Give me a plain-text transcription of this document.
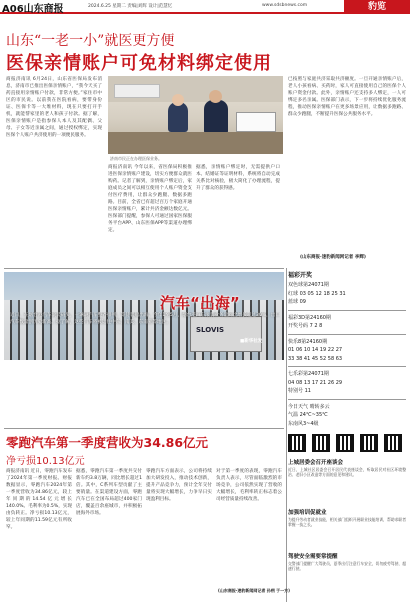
A06山东商报	2024.6.25 星期二 责编|刘辉 设计|范慧忆	www.sdsbnews.com	豹览
山东“一老一小”就医更方便
医保亲情账户可免材料绑定使用
商报济南讯 6月24日，山东省医保局发布消息，济南市已推出医保亲情账户，“我今天买了药直接用亲情账户付款，非常方便。”家住市中区的市民说。以前我在医院看病，要带身份证、医保卡等一大堆材料，现在只要打开手机，就能帮家里的老人和孩子付款。据了解，医保亲情账户是指参保人本人及其配偶、父母、子女等近亲属之间，通过授权绑定，实现医保个人账户共济使用的一项便民服务。
济南市民正在办理医保业务。
商报济南讯 今年以来，省医保局积极推进医保亲情账户建设，切实方便群众就医购药。记者了解到，亲情账户绑定后，家庭成员之间可以相互使用个人账户资金支付医疗费用，让群众少跑腿、数据多跑路。目前，全省已有超过百万个家庭开通医保亲情账户，累计共济金额达数亿元。医保部门提醒，参保人可通过国家医保服务平台APP、山东医保APP等渠道办理绑定。
据悉，亲情账户绑定时，无需提供户口本、结婚证等证明材料，系统将自动完成关系比对核验，极大简化了办理流程，提升了群众的获得感。
已按照与家庭共济采取共济额度。一旦开通亲情账户后，老人小孩看病、买药时，家人可直接使用自己的医保个人账户资金付款。此外，亲情账户还支持多人绑定，一人可绑定多名亲属。医保部门表示，下一步将持续优化服务流程，推动医保亲情账户在更多场景应用，让数据多跑路、群众少跑腿，不断提升医保公共服务水平。
(山东商报·速豹新闻网记者 李辉)
SLOVIS
汽车“出海”
近日，在烟台港汽车滚装码头，一辆辆汽车整齐排列，等待装船出海。今年1至5月，烟台港汽车滚装业务量同比增长超过30%，出口汽车数量创历史新高。据了解，这些汽车将被运往中东、南美、东南亚等地区。
■新华社发
福彩开奖
双色球第24071期
红球 03 05 12 18 25 31
蓝球 09
福彩3D第24160期
开奖号码 7 2 8
快乐8第24160期
01 06 10 14 19 22 27
33 38 41 45 52 58 63
七乐彩第24071期
04 08 13 17 21 26 29
特别号 11
今日天气 晴转多云
气温 24℃~35℃
东南风3~4级
零跑汽车第一季度营收为34.86亿元
净亏损10.13亿元
商报济南讯 近日，零跑汽车发布了2024年第一季度财报。财报数据显示，零跑汽车2024年第一季度营收为34.86亿元，较上年同期的14.54亿元增长140.0%。毛利率为0.5%，实现由负转正。净亏损10.13亿元，较上年同期的11.59亿元有所收窄。
据悉，零跑汽车第一季度共交付新车约3.8万辆，同比增长超过1倍。其中，C系列车型贡献了主要销量。在渠道建设方面，零跑汽车已在全国布局超过400家门店，覆盖百余座城市，并积极拓展海外市场。
零跑汽车方面表示，公司将持续加大研发投入，推动技术创新，提升产品竞争力，预计全年交付量将实现大幅增长，力争早日实现盈利目标。
对于第一季度的表现，零跑汽车负责人表示，尽管面临激烈的市场竞争，公司依然实现了营收的大幅增长，毛利率转正标志着公司经营质量持续改善。
(山东商报·速豹新闻网记者 孙朔 于一方)
上城居委会召开座谈会
近日，上城社区居委会召开居民代表座谈会，听取居民对社区环境整治、老旧小区改造等方面的意见和建议。
加强培训促就业
为提升劳动者就业技能，相关部门组织开展职业技能培训，帮助求职者掌握一技之长。
驾驶安全需要常提醒
交警部门提醒广大驾驶员，夏季出行注意行车安全，切勿疲劳驾驶、超速行驶。
